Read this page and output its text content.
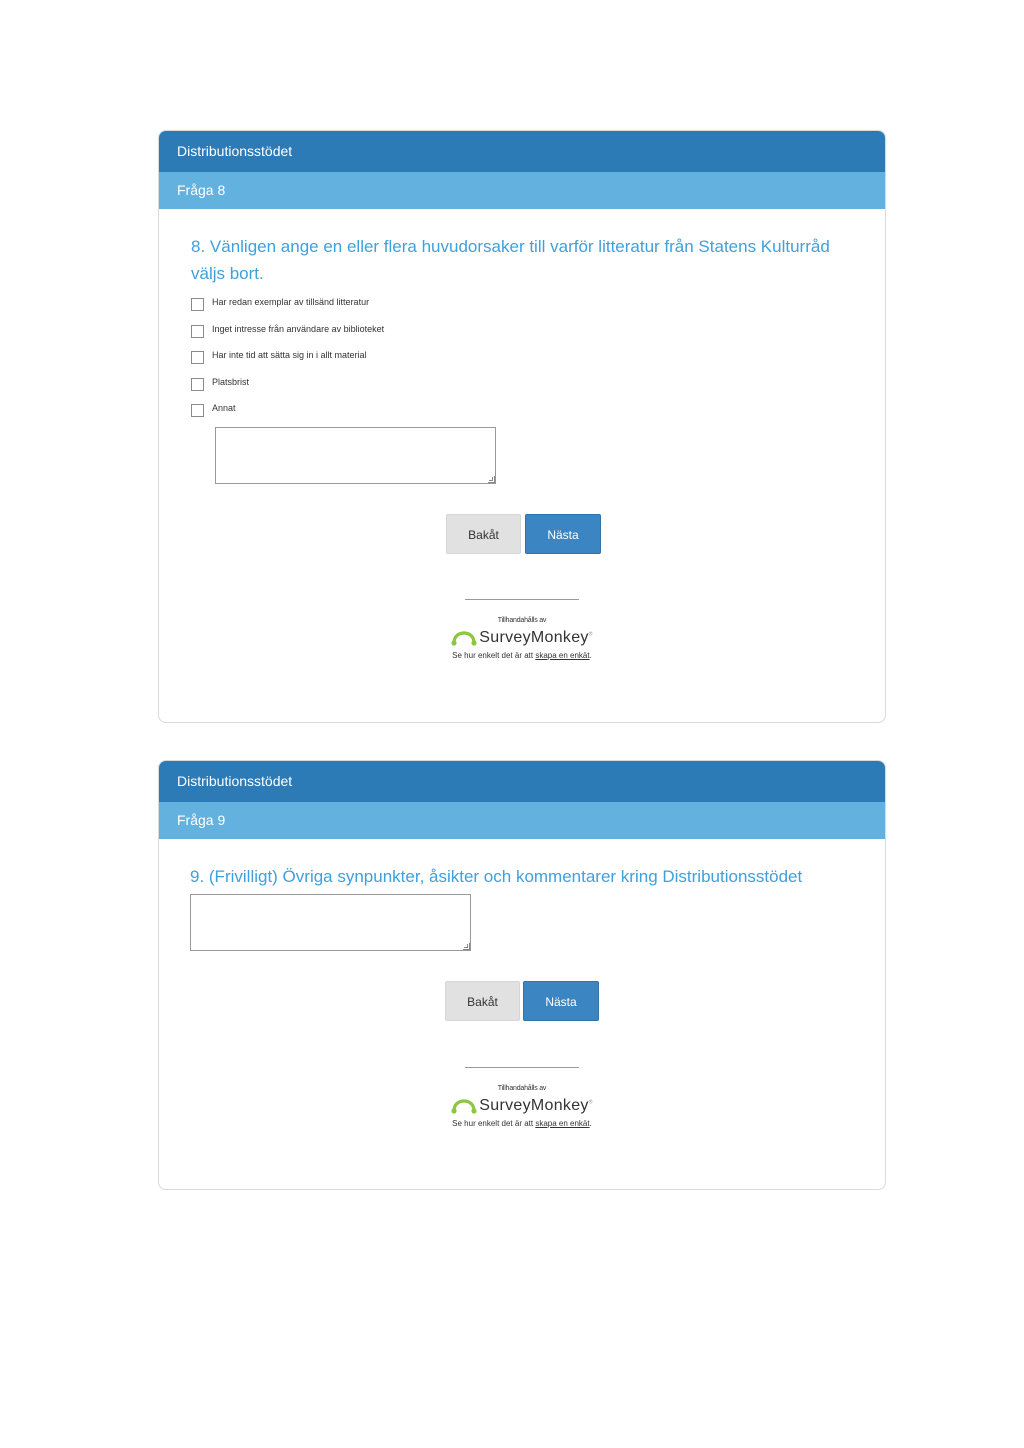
Distributionsstödet
Fråga 8
8. Vänligen ange en eller flera huvudorsaker till varför litteratur från Statens Kulturråd väljs bort.
Har redan exemplar av tillsänd litteratur
Inget intresse från användare av biblioteket
Har inte tid att sätta sig in i allt material
Platsbrist
Annat
Bakåt	Nästa
Tillhandahålls av
SurveyMonkey®
Se hur enkelt det är att skapa en enkät.
Distributionsstödet
Fråga 9
9. (Frivilligt) Övriga synpunkter, åsikter och kommentarer kring Distributionsstödet
Bakåt	Nästa
Tillhandahålls av
SurveyMonkey®
Se hur enkelt det är att skapa en enkät.
